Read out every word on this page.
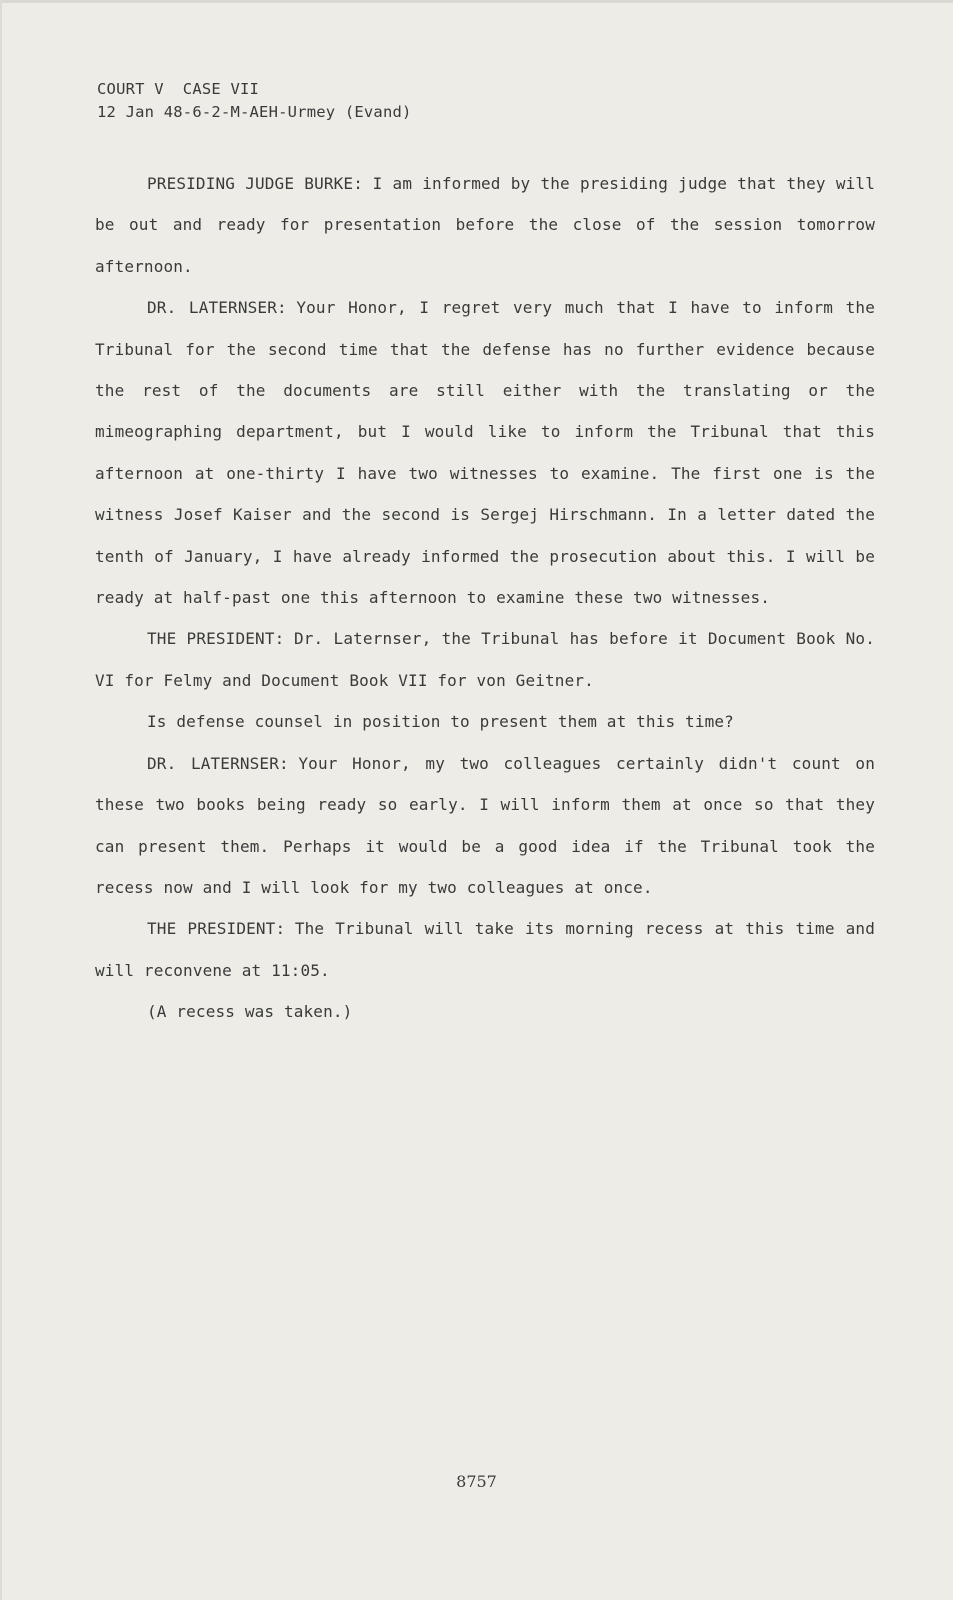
COURT V  CASE VII
12 Jan 48-6-2-M-AEH-Urmey (Evand)

PRESIDING JUDGE BURKE: I am informed by the presiding judge that they will be out and ready for presentation before the close of the session tomorrow afternoon.

DR. LATERNSER: Your Honor, I regret very much that I have to inform the Tribunal for the second time that the defense has no further evidence because the rest of the documents are still either with the translating or the mimeographing department, but I would like to inform the Tribunal that this afternoon at one-thirty I have two witnesses to examine. The first one is the witness Josef Kaiser and the second is Sergej Hirschmann. In a letter dated the tenth of January, I have already informed the prosecution about this. I will be ready at half-past one this afternoon to examine these two witnesses.

THE PRESIDENT: Dr. Laternser, the Tribunal has before it Document Book No. VI for Felmy and Document Book VII for von Geitner.

Is defense counsel in position to present them at this time?

DR. LATERNSER: Your Honor, my two colleagues certainly didn't count on these two books being ready so early. I will inform them at once so that they can present them. Perhaps it would be a good idea if the Tribunal took the recess now and I will look for my two colleagues at once.

THE PRESIDENT: The Tribunal will take its morning recess at this time and will reconvene at 11:05.

(A recess was taken.)

8757
